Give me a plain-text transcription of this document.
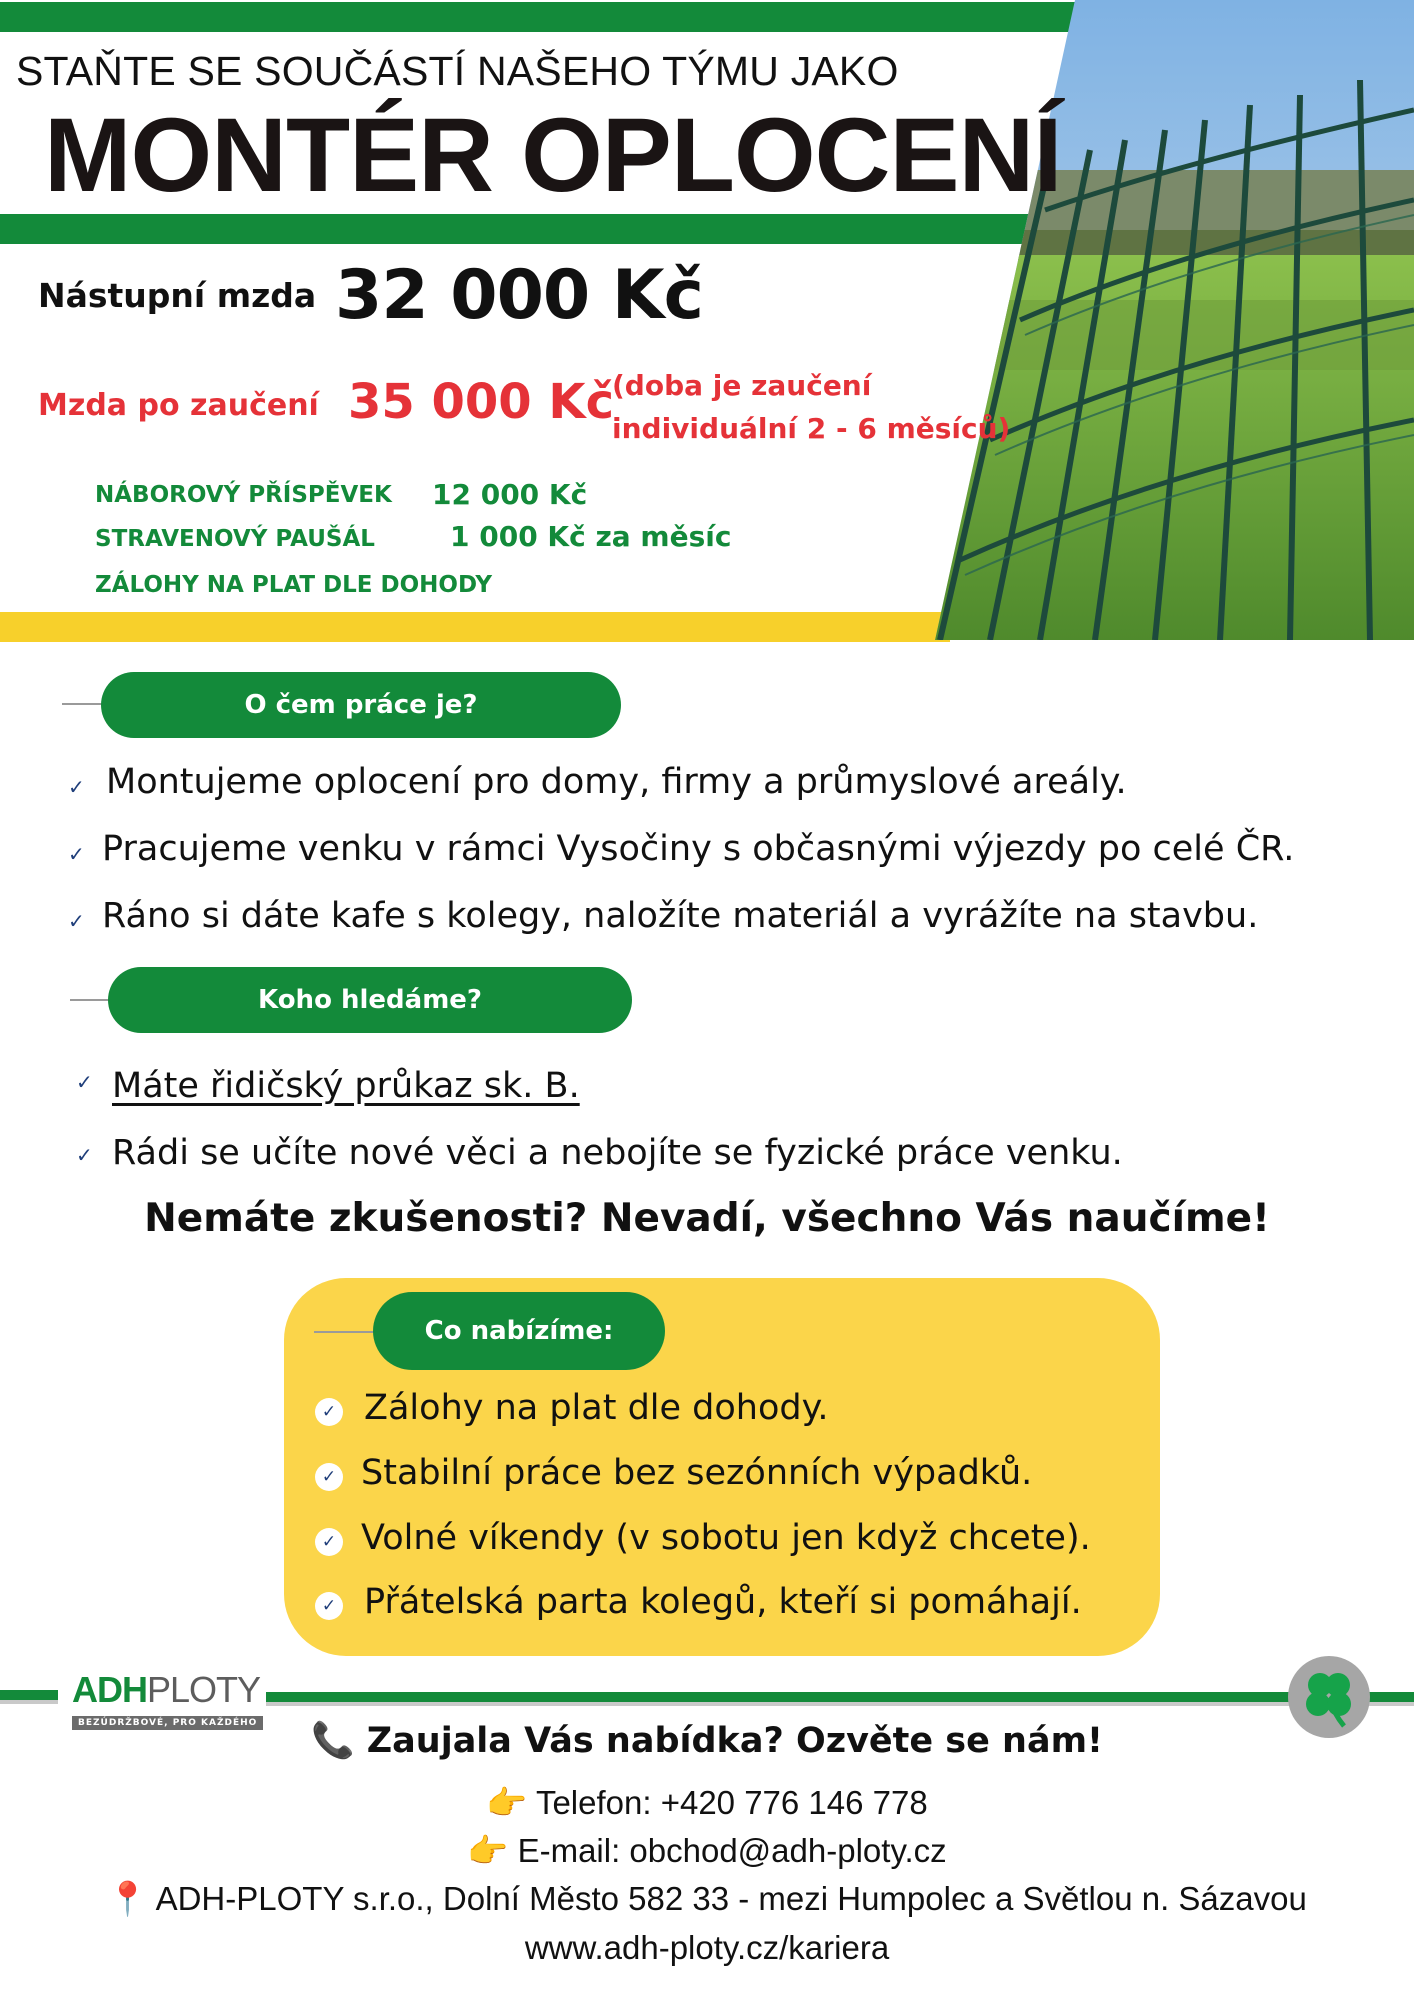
STAŇTE SE SOUČÁSTÍ NAŠEHO TÝMU JAKO
MONTÉR OPLOCENÍ
Nástupní mzda 32 000 Kč
Mzda po zaučení 35 000 Kč
(doba je zaučení
individuální 2 - 6 měsíců)
NÁBOROVÝ PŘÍSPĚVEK 12 000 Kč
STRAVENOVÝ PAUŠÁL	1 000 Kč za měsíc
ZÁLOHY NA PLAT DLE DOHODY
O čem práce je?
✓ Montujeme oplocení pro domy, firmy a průmyslové areály.
✓ Pracujeme venku v rámci Vysočiny s občasnými výjezdy po celé ČR.
✓ Ráno si dáte kafe s kolegy, naložíte materiál a vyrážíte na stavbu.
Koho hledáme?
✓ Máte řidičský průkaz sk. B.
✓ Rádi se učíte nové věci a nebojíte se fyzické práce venku.
Nemáte zkušenosti? Nevadí, všechno Vás naučíme!
Co nabízíme:
✓ Zálohy na plat dle dohody.
✓ Stabilní práce bez sezónních výpadků.
✓ Volné víkendy (v sobotu jen když chcete).
✓ Přátelská parta kolegů, kteří si pomáhají.
ADHPLOTY
BEZÚDRŽBOVÉ, PRO KAŽDÉHO	📞 Zaujala Vás nabídka? Ozvěte se nám!
👉 Telefon: +420 776 146 778
👉 E-mail: obchod@adh-ploty.cz
📍 ADH-PLOTY s.r.o., Dolní Město 582 33 - mezi Humpolec a Světlou n. Sázavou
www.adh-ploty.cz/kariera
